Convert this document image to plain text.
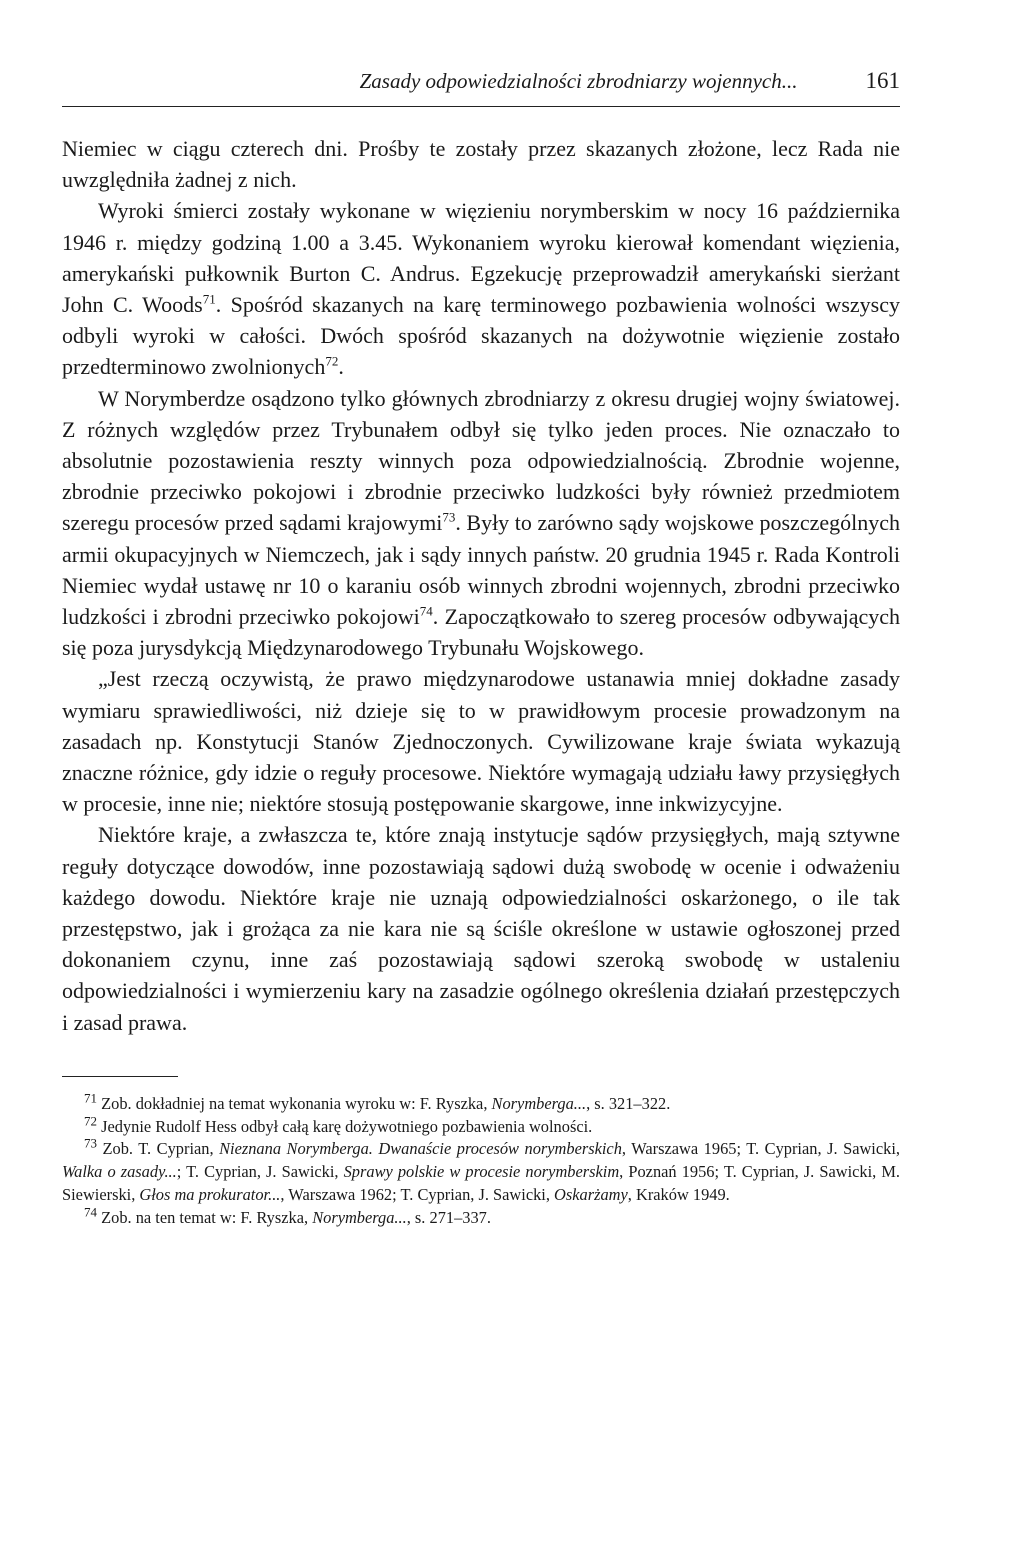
Zasady odpowiedzialności zbrodniarzy wojennych...	161

Niemiec w ciągu czterech dni. Prośby te zostały przez skazanych złożone, lecz Rada nie uwzględniła żadnej z nich.

Wyroki śmierci zostały wykonane w więzieniu norymberskim w nocy 16 października 1946 r. między godziną 1.00 a 3.45. Wykonaniem wyroku kierował komendant więzienia, amerykański pułkownik Burton C. Andrus. Egzekucję przeprowadził amerykański sierżant John C. Woods$^{71}$. Spośród skazanych na karę terminowego pozbawienia wolności wszyscy odbyli wyroki w całości. Dwóch spośród skazanych na dożywotnie więzienie zostało przedterminowo zwolnionych$^{72}$.

W Norymberdze osądzono tylko głównych zbrodniarzy z okresu drugiej wojny światowej. Z różnych względów przez Trybunałem odbył się tylko jeden proces. Nie oznaczało to absolutnie pozostawienia reszty winnych poza odpowiedzialnością. Zbrodnie wojenne, zbrodnie przeciwko pokojowi i zbrodnie przeciwko ludzkości były również przedmiotem szeregu procesów przed sądami krajowymi$^{73}$. Były to zarówno sądy wojskowe poszczególnych armii okupacyjnych w Niemczech, jak i sądy innych państw. 20 grudnia 1945 r. Rada Kontroli Niemiec wydał ustawę nr 10 o karaniu osób winnych zbrodni wojennych, zbrodni przeciwko ludzkości i zbrodni przeciwko pokojowi$^{74}$. Zapoczątkowało to szereg procesów odbywających się poza jurysdykcją Międzynarodowego Trybunału Wojskowego.

„Jest rzeczą oczywistą, że prawo międzynarodowe ustanawia mniej dokładne zasady wymiaru sprawiedliwości, niż dzieje się to w prawidłowym procesie prowadzonym na zasadach np. Konstytucji Stanów Zjednoczonych. Cywilizowane kraje świata wykazują znaczne różnice, gdy idzie o reguły procesowe. Niektóre wymagają udziału ławy przysięgłych w procesie, inne nie; niektóre stosują postępowanie skargowe, inne inkwizycyjne.

Niektóre kraje, a zwłaszcza te, które znają instytucje sądów przysięgłych, mają sztywne reguły dotyczące dowodów, inne pozostawiają sądowi dużą swobodę w ocenie i odważeniu każdego dowodu. Niektóre kraje nie uznają odpowiedzialności oskarżonego, o ile tak przestępstwo, jak i grożąca za nie kara nie są ściśle określone w ustawie ogłoszonej przed dokonaniem czynu, inne zaś pozostawiają sądowi szeroką swobodę w ustaleniu odpowiedzialności i wymierzeniu kary na zasadzie ogólnego określenia działań przestępczych i zasad prawa.

$^{71}$ Zob. dokładniej na temat wykonania wyroku w: F. Ryszka, Norymberga..., s. 321–322.

$^{72}$ Jedynie Rudolf Hess odbył całą karę dożywotniego pozbawienia wolności.

$^{73}$ Zob. T. Cyprian, Nieznana Norymberga. Dwanaście procesów norymberskich, Warszawa 1965; T. Cyprian, J. Sawicki, Walka o zasady...; T. Cyprian, J. Sawicki, Sprawy polskie w procesie norymberskim, Poznań 1956; T. Cyprian, J. Sawicki, M. Siewierski, Głos ma prokurator..., Warszawa 1962; T. Cyprian, J. Sawicki, Oskarżamy, Kraków 1949.

$^{74}$ Zob. na ten temat w: F. Ryszka, Norymberga..., s. 271–337.
